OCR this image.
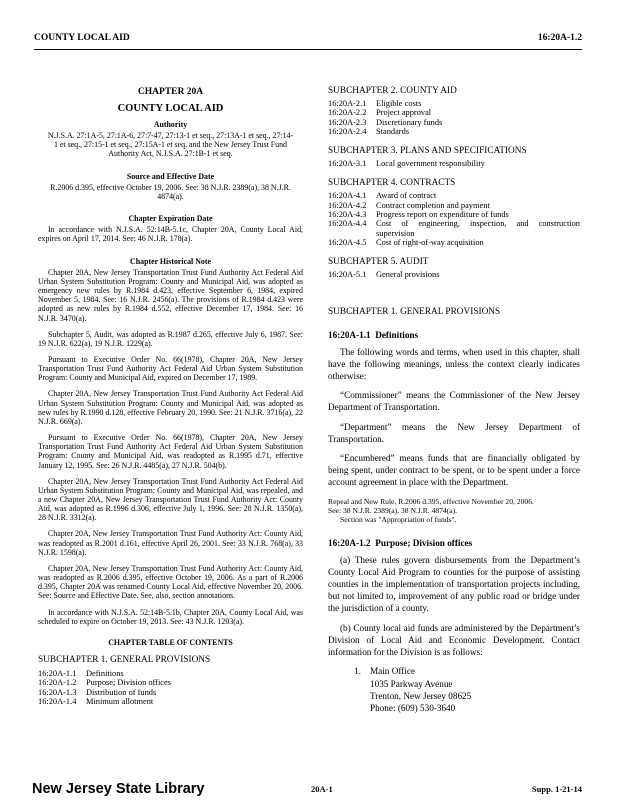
COUNTY LOCAL AID	16:20A-1.2

CHAPTER 20A

COUNTY LOCAL AID

Authority

N.J.S.A. 27:1A-5, 27:1A-6, 27:7-47, 27:13-1 et seq., 27:13A-1 et seq., 27:14-1 et seq., 27:15-1 et seq., 27:15A-1 et seq. and the New Jersey Trust Fund Authority Act, N.J.S.A. 27:1B-1 et seq.

Source and Effective Date

R.2006 d.395, effective October 19, 2006. See: 38 N.J.R. 2389(a), 38 N.J.R. 4874(a).

Chapter Expiration Date

In accordance with N.J.S.A. 52:14B-5.1c, Chapter 20A, County Local Aid, expires on April 17, 2014. See: 46 N.J.R. 178(a).

Chapter Historical Note

Chapter 20A, New Jersey Transportation Trust Fund Authority Act Federal Aid Urban System Substitution Program: County and Municipal Aid, was adopted as emergency new rules by R.1984 d.423, effective September 6, 1984, expired November 5, 1984. See: 16 N.J.R. 2456(a). The provisions of R.1984 d.423 were adopted as new rules by R.1984 d.552, effective December 17, 1984. See: 16 N.J.R. 3470(a).

Subchapter 5, Audit, was adopted as R.1987 d.265, effective July 6, 1987. See: 19 N.J.R. 622(a), 19 N.J.R. 1229(a).

Pursuant to Executive Order No. 66(1978), Chapter 20A, New Jersey Transportation Trust Fund Authority Act Federal Aid Urban System Substitution Program: County and Municipal Aid, expired on December 17, 1989.

Chapter 20A, New Jersey Transportation Trust Fund Authority Act Federal Aid Urban System Substitution Program: County and Municipal Aid, was adopted as new rules by R.1990 d.128, effective February 20, 1990. See: 21 N.J.R. 3716(a), 22 N.J.R. 669(a).

Pursuant to Executive Order No. 66(1978), Chapter 20A, New Jersey Transportation Trust Fund Authority Act Federal Aid Urban System Substitution Program: County and Municipal Aid, was readopted as R.1995 d.71, effective January 12, 1995. See: 26 N.J.R. 4485(a), 27 N.J.R. 504(b).

Chapter 20A, New Jersey Transportation Trust Fund Authority Act Federal Aid Urban System Substitution Program: County and Municipal Aid, was repealed, and a new Chapter 20A, New Jersey Transportation Trust Fund Authority Act: County Aid, was adopted as R.1996 d.306, effective July 1, 1996. See: 28 N.J.R. 1350(a), 28 N.J.R. 3312(a).

Chapter 20A, New Jersey Transportation Trust Fund Authority Act: County Aid, was readopted as R.2001 d.161, effective April 26, 2001. See: 33 N.J.R. 768(a), 33 N.J.R. 1598(a).

Chapter 20A, New Jersey Transportation Trust Fund Authority Act: County Aid, was readopted as R.2006 d.395, effective October 19, 2006. As a part of R.2006 d.395, Chapter 20A was renamed County Local Aid, effective November 20, 2006. See: Source and Effective Date. See, also, section annotations.

In accordance with N.J.S.A. 52:14B-5.1b, Chapter 20A, County Local Aid, was scheduled to expire on October 19, 2013. See: 43 N.J.R. 1203(a).

CHAPTER TABLE OF CONTENTS

SUBCHAPTER 1. GENERAL PROVISIONS

16:20A-1.1	Definitions
16:20A-1.2	Purpose; Division offices
16:20A-1.3	Distribution of funds
16:20A-1.4	Minimum allotment

SUBCHAPTER 2. COUNTY AID

16:20A-2.1	Eligible costs
16:20A-2.2	Project approval
16:20A-2.3	Discretionary funds
16:20A-2.4	Standards

SUBCHAPTER 3. PLANS AND SPECIFICATIONS

16:20A-3.1	Local government responsibility

SUBCHAPTER 4. CONTRACTS

16:20A-4.1	Award of contract
16:20A-4.2	Contract completion and payment
16:20A-4.3	Progress report on expenditure of funds
16:20A-4.4	Cost of engineering, inspection, and construction supervision
16:20A-4.5	Cost of right-of-way acquisition

SUBCHAPTER 5. AUDIT

16:20A-5.1	General provisions

SUBCHAPTER 1. GENERAL PROVISIONS

16:20A-1.1 Definitions

The following words and terms, when used in this chapter, shall have the following meanings, unless the context clearly indicates otherwise:

“Commissioner” means the Commissioner of the New Jersey Department of Transportation.

“Department” means the New Jersey Department of Transportation.

“Encumbered” means funds that are financially obligated by being spent, under contract to be spent, or to be spent under a force account agreement in place with the Department.

Repeal and New Rule, R.2006 d.395, effective November 20, 2006.

See: 38 N.J.R. 2389(a), 38 N.J.R. 4874(a).

Section was "Appropriation of funds".

16:20A-1.2 Purpose; Division offices

(a) These rules govern disbursements from the Department’s County Local Aid Program to counties for the purpose of assisting counties in the implementation of transportation projects including, but not limited to, improvement of any public road or bridge under the jurisdiction of a county.

(b) County local aid funds are administered by the Department’s Division of Local Aid and Economic Development. Contact information for the Division is as follows:

1. Main Office

1035 Parkway Avenue

Trenton, New Jersey 08625

Phone: (609) 530-3640

New Jersey State Library	20A-1	Supp. 1-21-14
